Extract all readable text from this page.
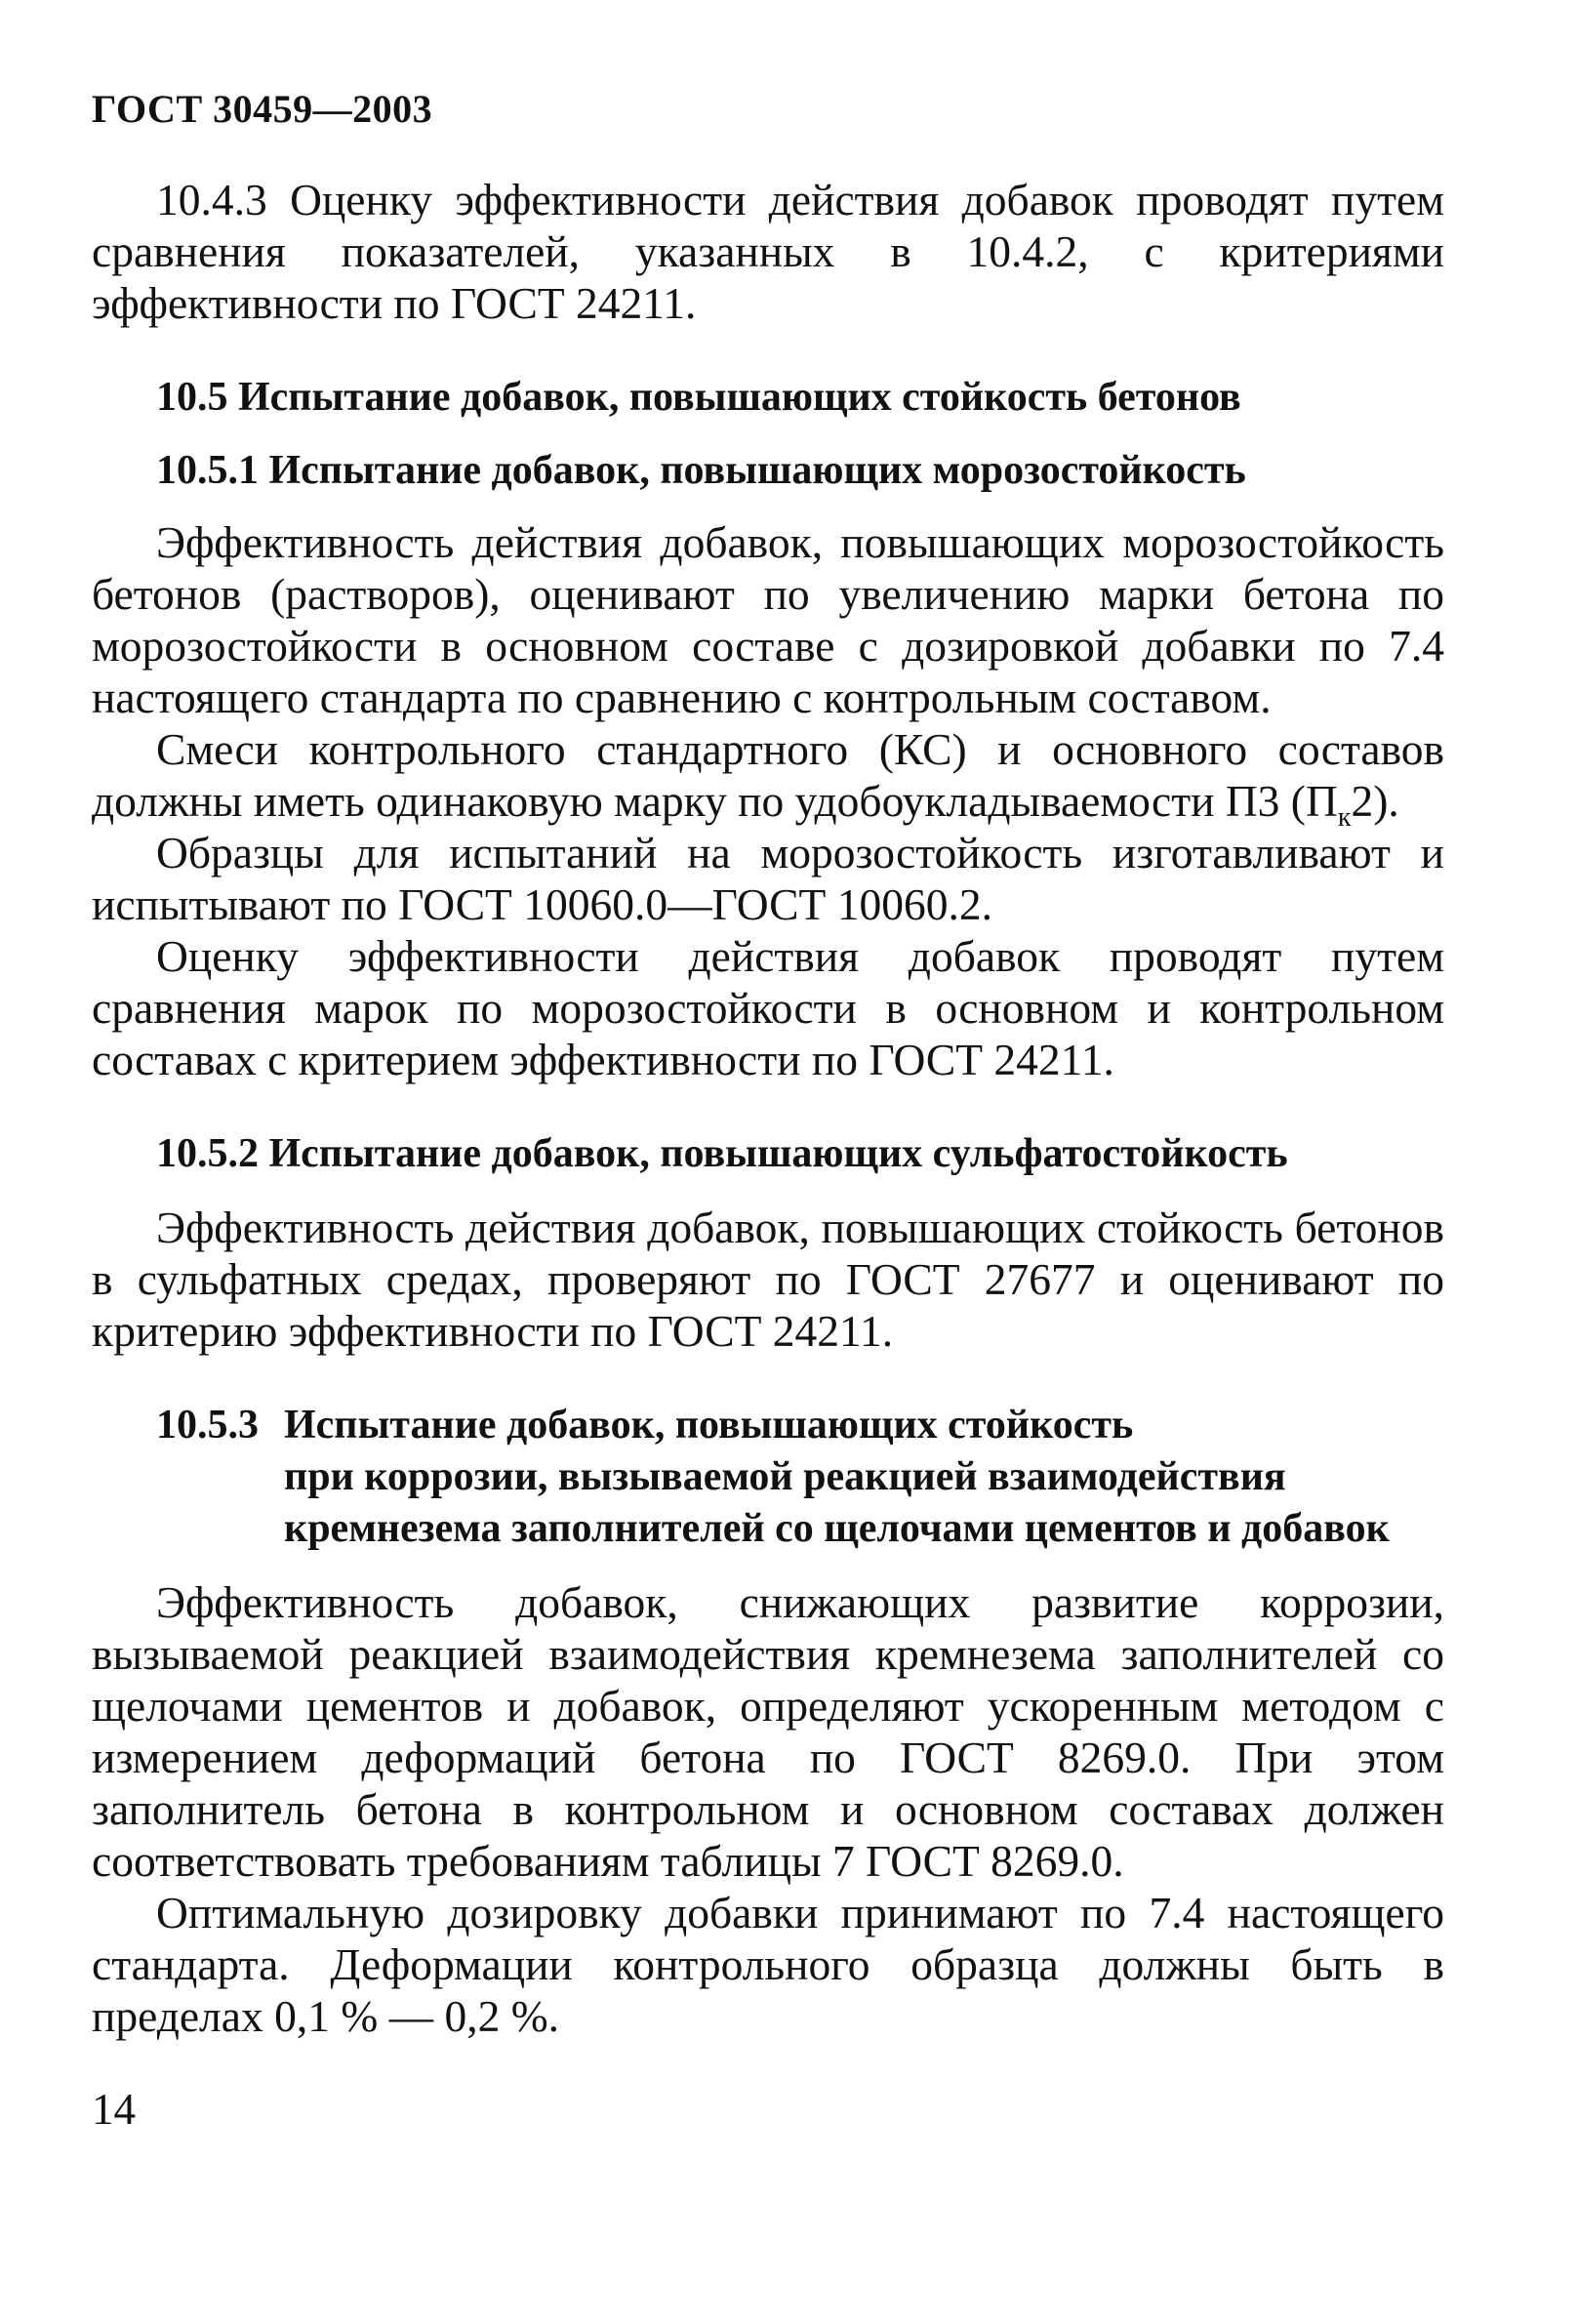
ГОСТ 30459—2003

10.4.3 Оценку эффективности действия добавок проводят путем сравнения показателей, указанных в 10.4.2, с критериями эффективности по ГОСТ 24211.

10.5 Испытание добавок, повышающих стойкость бетонов
10.5.1 Испытание добавок, повышающих морозостойкость

Эффективность действия добавок, повышающих морозостойкость бетонов (растворов), оценивают по увеличению марки бетона по морозостойкости в основном составе с дозировкой добавки по 7.4 настоящего стандарта по сравнению с контрольным составом.

Смеси контрольного стандартного (КС) и основного составов должны иметь одинаковую марку по удобоукладываемости П3 $(П_к2)$.

Образцы для испытаний на морозостойкость изготавливают и испытывают по ГОСТ 10060.0—ГОСТ 10060.2.

Оценку эффективности действия добавок проводят путем сравнения марок по морозостойкости в основном и контрольном составах с критерием эффективности по ГОСТ 24211.

10.5.2 Испытание добавок, повышающих сульфатостойкость

Эффективность действия добавок, повышающих стойкость бетонов в сульфатных средах, проверяют по ГОСТ 27677 и оценивают по критерию эффективности по ГОСТ 24211.

10.5.3 Испытание добавок, повышающих стойкость
при коррозии, вызываемой реакцией взаимодействия
кремнезема заполнителей со щелочами цементов и добавок

Эффективность добавок, снижающих развитие коррозии, вызываемой реакцией взаимодействия кремнезема заполнителей со щелочами цементов и добавок, определяют ускоренным методом с измерением деформаций бетона по ГОСТ 8269.0. При этом заполнитель бетона в контрольном и основном составах должен соответствовать требованиям таблицы 7 ГОСТ 8269.0.

Оптимальную дозировку добавки принимают по 7.4 настоящего стандарта. Деформации контрольного образца должны быть в пределах 0,1 % — 0,2 %.

14
